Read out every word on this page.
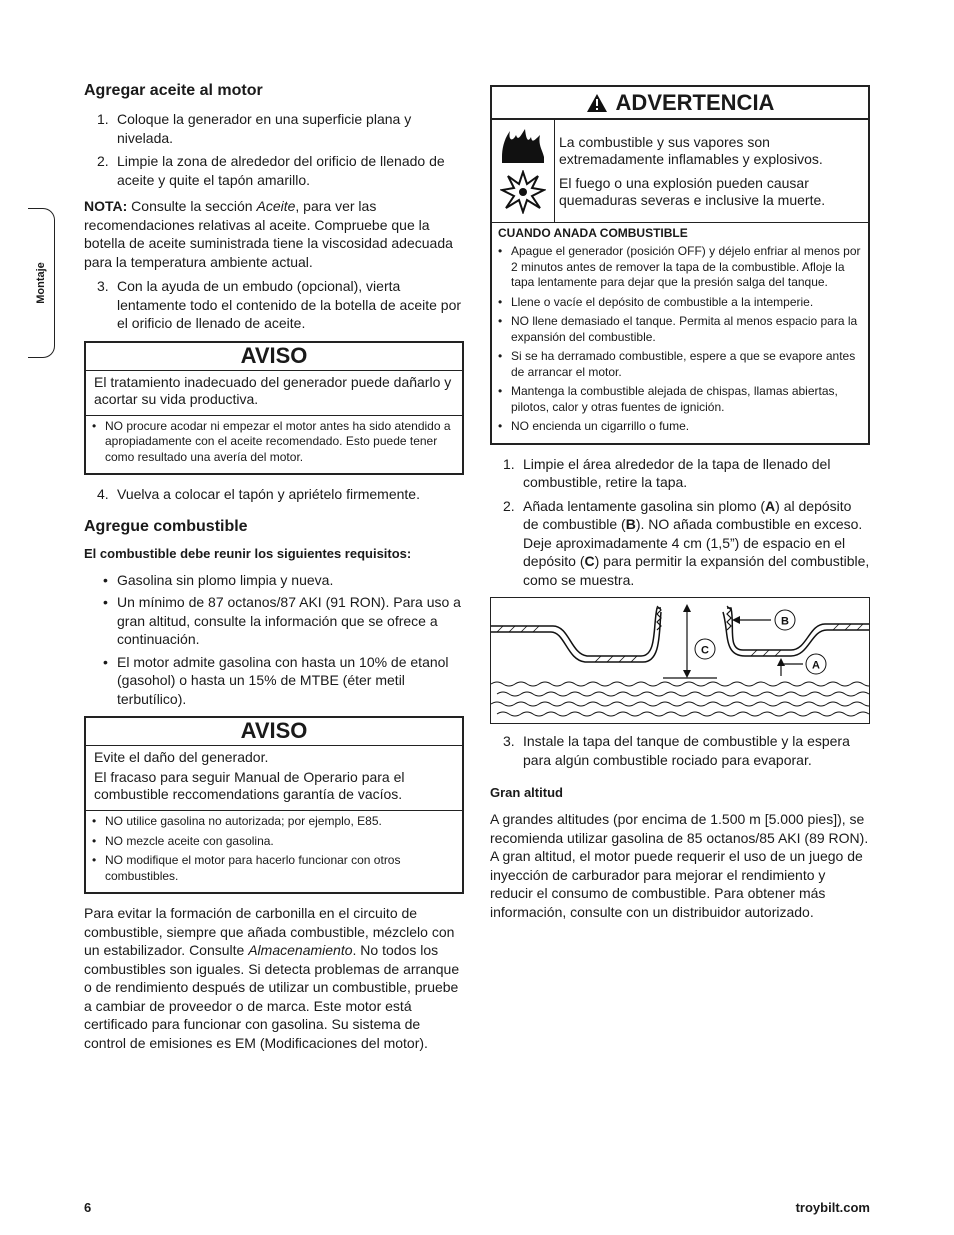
Montaje
Agregar aceite al motor
1. Coloque la generador en una superficie plana y nivelada.
2. Limpie la zona de alrededor del orificio de llenado de aceite y quite el tapón amarillo.

NOTA: Consulte la sección Aceite, para ver las recomendaciones relativas al aceite. Compruebe que la botella de aceite suministrada tiene la viscosidad adecuada para la temperatura ambiente actual.

3. Con la ayuda de un embudo (opcional), vierta lentamente todo el contenido de la botella de aceite por el orificio de llenado de aceite.
AVISO

El tratamiento inadecuado del generador puede dañarlo y acortar su vida productiva.

• NO procure acodar ni empezar el motor antes ha sido atendido a apropiadamente con el aceite recomendado. Esto puede tener como resultado una avería del motor.
4. Vuelva a colocar el tapón y apriételo firmemente.
Agregue combustible
El combustible debe reunir los siguientes requisitos:
• Gasolina sin plomo limpia y nueva.
• Un mínimo de 87 octanos/87 AKI (91 RON). Para uso a gran altitud, consulte la información que se ofrece a continuación.
• El motor admite gasolina con hasta un 10% de etanol (gasohol) o hasta un 15% de MTBE (éter metil terbutílico).
AVISO

Evite el daño del generador.

El fracaso para seguir Manual de Operario para el combustible reccomendations garantía de vacíos.

• NO utilice gasolina no autorizada; por ejemplo, E85.
• NO mezcle aceite con gasolina.
• NO modifique el motor para hacerlo funcionar con otros combustibles.

Para evitar la formación de carbonilla en el circuito de combustible, siempre que añada combustible, mézclelo con un estabilizador. Consulte Almacenamiento. No todos los combustibles son iguales. Si detecta problemas de arranque o de rendimiento después de utilizar un combustible, pruebe a cambiar de proveedor o de marca. Este motor está certificado para funcionar con gasolina. Su sistema de control de emisiones es EM (Modificaciones del motor).

ADVERTENCIA

La combustible y sus vapores son extremadamente inflamables y explosivos.

El fuego o una explosión pueden causar quemaduras severas e inclusive la muerte.

CUANDO ANADA COMBUSTIBLE
• Apague el generador (posición OFF) y déjelo enfriar al menos por 2 minutos antes de remover la tapa de la combustible. Afloje la tapa lentamente para dejar que la presión salga del tanque.
• Llene o vacíe el depósito de combustible a la intemperie.
• NO llene demasiado el tanque. Permita al menos espacio para la expansión del combustible.
• Si se ha derramado combustible, espere a que se evapore antes de arrancar el motor.
• Mantenga la combustible alejada de chispas, llamas abiertas, pilotos, calor y otras fuentes de ignición.
• NO encienda un cigarrillo o fume.
1. Limpie el área alrededor de la tapa de llenado del combustible, retire la tapa.
2. Añada lentamente gasolina sin plomo (A) al depósito de combustible (B). NO añada combustible en exceso. Deje aproximadamente 4 cm (1,5”) de espacio en el depósito (C) para permitir la expansión del combustible, como se muestra.
C
B
A
3. Instale la tapa del tanque de combustible y la espera para algún combustible rociado para evaporar.
Gran altitud

A grandes altitudes (por encima de 1.500 m [5.000 pies]), se recomienda utilizar gasolina de 85 octanos/85 AKI (89 RON). A gran altitud, el motor puede requerir el uso de un juego de inyección de carburador para mejorar el rendimiento y reducir el consumo de combustible. Para obtener más información, consulte con un distribuidor autorizado.

6	troybilt.com
